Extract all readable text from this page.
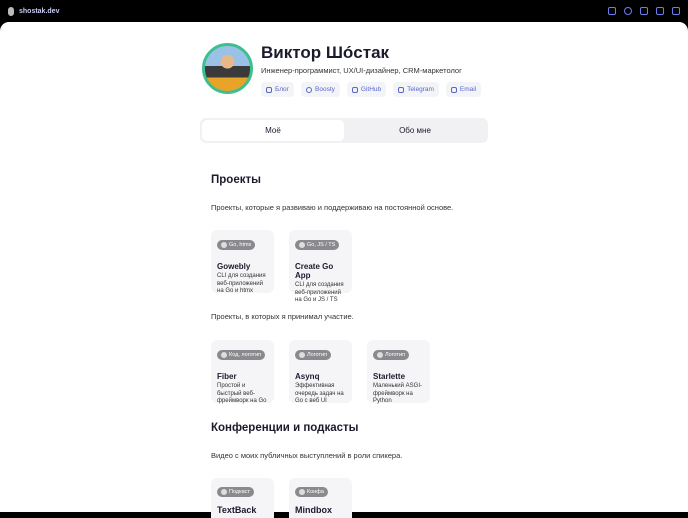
shostak.dev
Виктор Шóстак
Инженер-программист, UX/UI-дизайнер, CRM-маркетолог
Блог	Boosty	GitHub	Telegram	Email
Моё	Обо мне
Проекты
Проекты, которые я развиваю и поддерживаю на постоянной основе.
Go, htmx
Gowebly

CLI для создания веб-приложений на Go и htmx

Go, JS / TS
Create Go App

CLI для создания веб-приложений на Go и JS / TS

Проекты, в которых я принимал участие.
Код, логотип
Fiber

Простой и быстрый веб-фреймворк на Go

Логотип
Asynq

Эффективная очередь задач на Go с веб UI

Логотип
Starlette

Маленький ASGI-фреймворк на Python

Конференции и подкасты
Видео с моих публичных выступлений в роли спикера.
Подкаст
TextBack
Конфа
Mindbox
